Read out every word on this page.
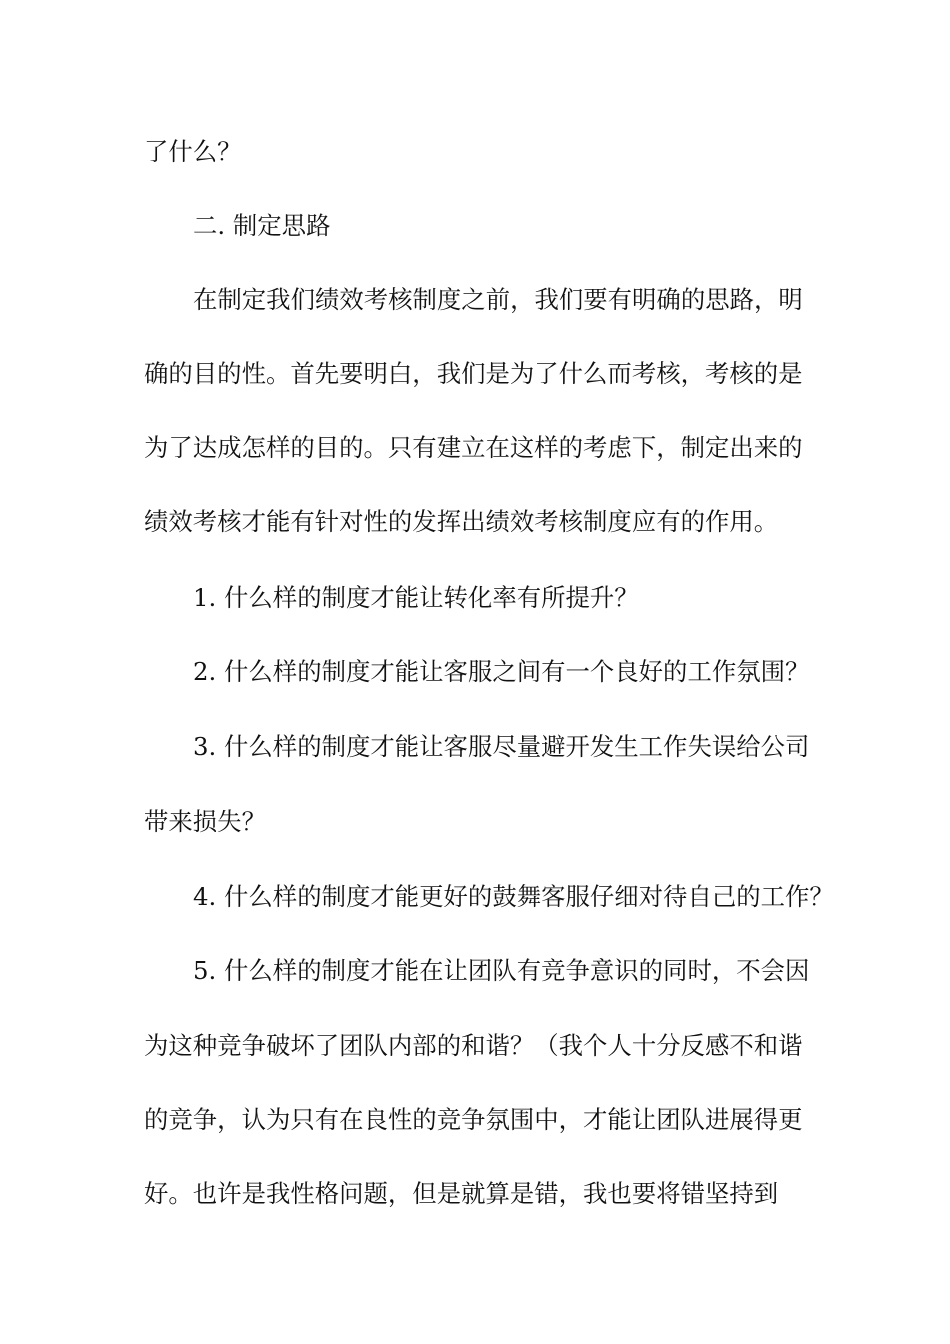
了什么？
二. 制定思路
在制定我们绩效考核制度之前，我们要有明确的思路，明
确的目的性。首先要明白，我们是为了什么而考核，考核的是
为了达成怎样的目的。只有建立在这样的考虑下，制定出来的
绩效考核才能有针对性的发挥出绩效考核制度应有的作用。
1. 什么样的制度才能让转化率有所提升？
2. 什么样的制度才能让客服之间有一个良好的工作氛围？
3. 什么样的制度才能让客服尽量避开发生工作失误给公司
带来损失？
4. 什么样的制度才能更好的鼓舞客服仔细对待自己的工作？
5. 什么样的制度才能在让团队有竞争意识的同时，不会因
为这种竞争破坏了团队内部的和谐？（我个人十分反感不和谐
的竞争，认为只有在良性的竞争氛围中，才能让团队进展得更
好。也许是我性格问题，但是就算是错，我也要将错坚持到
